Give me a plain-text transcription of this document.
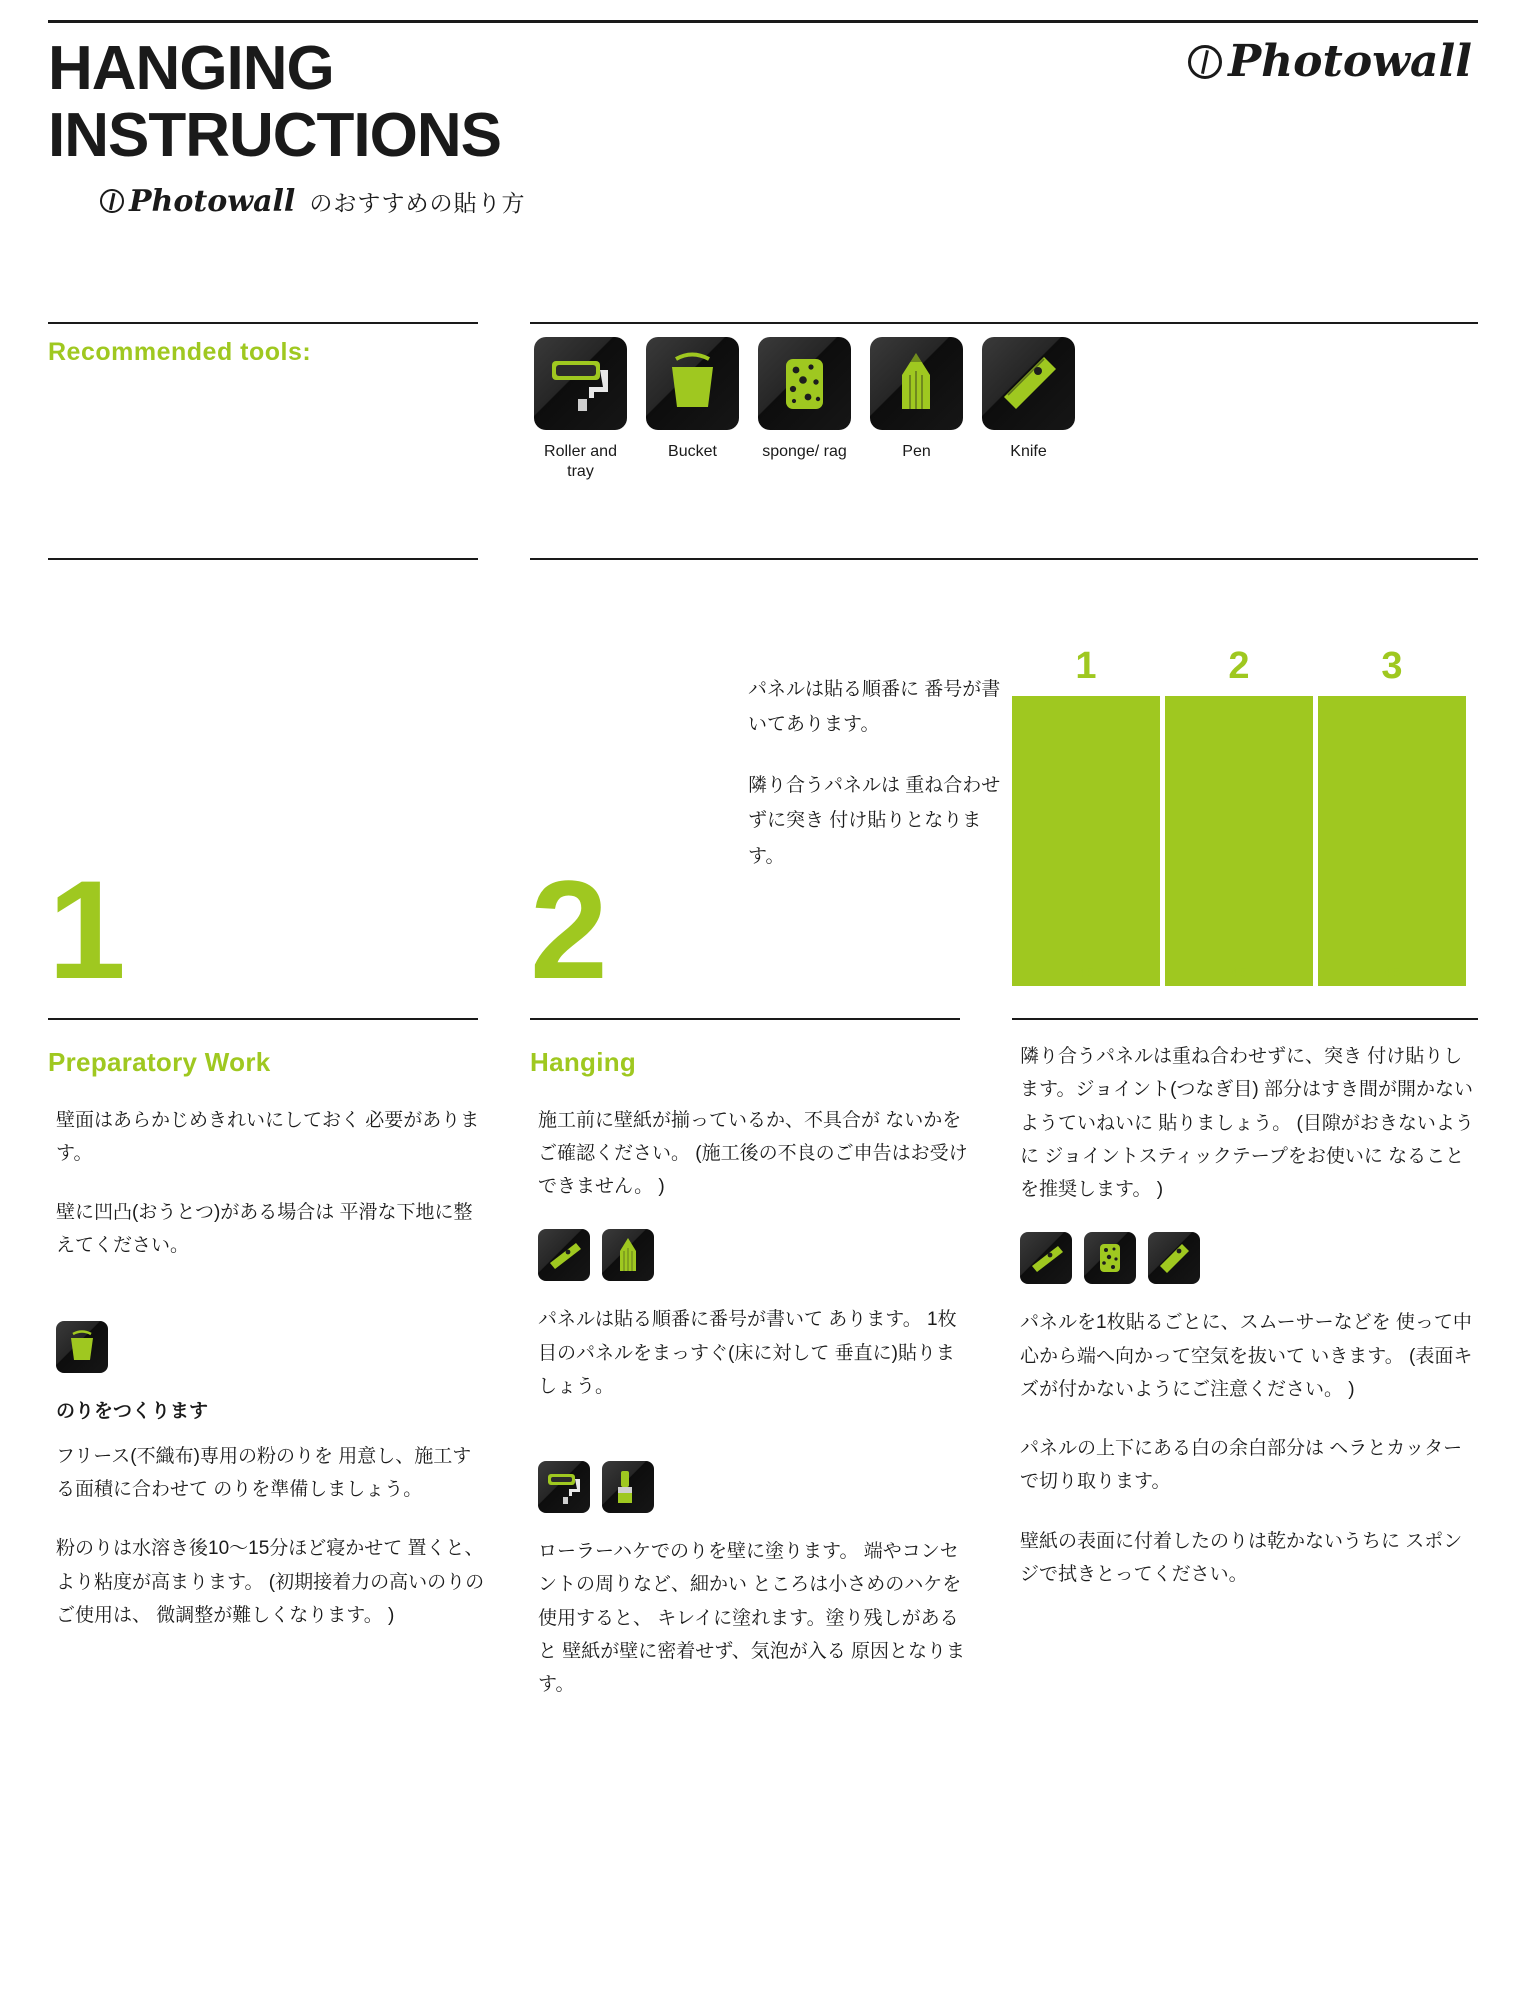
HANGING
INSTRUCTIONS
Photowall のおすすめの貼り方
Photowall
Recommended tools:
Roller and tray
Bucket	sponge/ rag	Pen	Knife

パネルは貼る順番に 番号が書いてあります。

隣り合うパネルは 重ね合わせずに突き 付け貼りとなります。

1	2	3
45	45	45
1	2
Preparatory Work

壁面はあらかじめきれいにしておく 必要があります。

壁に凹凸(おうとつ)がある場合は 平滑な下地に整えてください。

のりをつくります

フリース(不織布)専用の粉のりを 用意し、施工する面積に合わせて のりを準備しましょう。

粉のりは水溶き後10〜15分ほど寝かせて 置くと、より粘度が高まります。 (初期接着力の高いのりのご使用は、 微調整が難しくなります。 )

Hanging

施工前に壁紙が揃っているか、不具合が ないかをご確認ください。 (施工後の不良のご申告はお受けできません。 )

パネルは貼る順番に番号が書いて あります。 1枚目のパネルをまっすぐ(床に対して 垂直に)貼りましょう。

ローラーハケでのりを壁に塗ります。 端やコンセントの周りなど、細かい ところは小さめのハケを使用すると、 キレイに塗れます。塗り残しがあると 壁紙が壁に密着せず、気泡が入る 原因となります。

隣り合うパネルは重ね合わせずに、突き 付け貼りします。ジョイント(つなぎ目) 部分はすき間が開かないようていねいに 貼りましょう。 (目隙がおきないように ジョイントスティックテープをお使いに なることを推奨します。 )

パネルを1枚貼るごとに、スムーサーなどを 使って中心から端へ向かって空気を抜いて いきます。 (表面キズが付かないようにご注意ください。 )

パネルの上下にある白の余白部分は ヘラとカッターで切り取ります。

壁紙の表面に付着したのりは乾かないうちに スポンジで拭きとってください。
